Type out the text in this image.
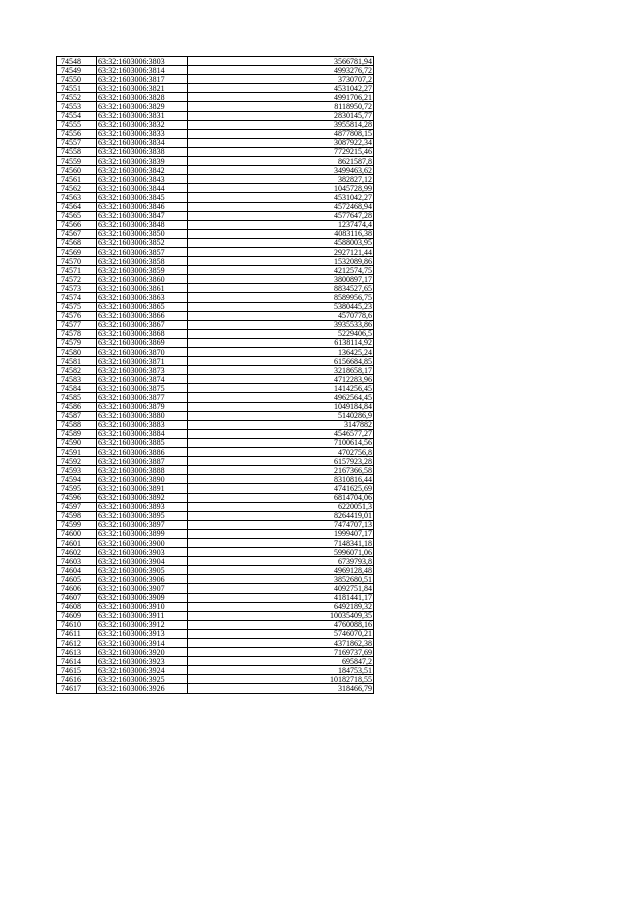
74548	63:32:1603006:3803	3566781,94
74549	63:32:1603006:3814	4993276,72
74550	63:32:1603006:3817	3730707,2
74551	63:32:1603006:3821	4531042,27
74552	63:32:1603006:3828	4991706,21
74553	63:32:1603006:3829	8118950,72
74554	63:32:1603006:3831	2830145,77
74555	63:32:1603006:3832	3955814,28
74556	63:32:1603006:3833	4877808,15
74557	63:32:1603006:3834	3087922,34
74558	63:32:1603006:3838	7729215,46
74559	63:32:1603006:3839	8621587,8
74560	63:32:1603006:3842	3499463,62
74561	63:32:1603006:3843	382827,12
74562	63:32:1603006:3844	1045728,99
74563	63:32:1603006:3845	4531042,27
74564	63:32:1603006:3846	4572468,94
74565	63:32:1603006:3847	4577647,28
74566	63:32:1603006:3848	1237474,4
74567	63:32:1603006:3850	4083116,38
74568	63:32:1603006:3852	4588003,95
74569	63:32:1603006:3857	2927121,44
74570	63:32:1603006:3858	1532089,86
74571	63:32:1603006:3859	4212574,75
74572	63:32:1603006:3860	3800897,17
74573	63:32:1603006:3861	8834527,65
74574	63:32:1603006:3863	8589956,75
74575	63:32:1603006:3865	5380445,23
74576	63:32:1603006:3866	4570778,6
74577	63:32:1603006:3867	3935533,86
74578	63:32:1603006:3868	5229406,5
74579	63:32:1603006:3869	6138114,92
74580	63:32:1603006:3870	136425,24
74581	63:32:1603006:3871	6156684,85
74582	63:32:1603006:3873	3218658,17
74583	63:32:1603006:3874	4712283,96
74584	63:32:1603006:3875	1414256,45
74585	63:32:1603006:3877	4962564,45
74586	63:32:1603006:3879	1049184,84
74587	63:32:1603006:3880	5140286,9
74588	63:32:1603006:3883	3147882
74589	63:32:1603006:3884	4546577,27
74590	63:32:1603006:3885	7100614,56
74591	63:32:1603006:3886	4702756,8
74592	63:32:1603006:3887	6157923,28
74593	63:32:1603006:3888	2167366,58
74594	63:32:1603006:3890	8310816,44
74595	63:32:1603006:3891	4741625,69
74596	63:32:1603006:3892	6814704,06
74597	63:32:1603006:3893	6220051,3
74598	63:32:1603006:3895	8264419,01
74599	63:32:1603006:3897	7474707,13
74600	63:32:1603006:3899	1999407,17
74601	63:32:1603006:3900	7148341,18
74602	63:32:1603006:3903	5996071,06
74603	63:32:1603006:3904	6739793,8
74604	63:32:1603006:3905	4969128,48
74605	63:32:1603006:3906	3852680,51
74606	63:32:1603006:3907	4092751,84
74607	63:32:1603006:3909	4181441,17
74608	63:32:1603006:3910	6492189,32
74609	63:32:1603006:3911	10035409,35
74610	63:32:1603006:3912	4760088,16
74611	63:32:1603006:3913	5746070,21
74612	63:32:1603006:3914	4371862,38
74613	63:32:1603006:3920	7169737,69
74614	63:32:1603006:3923	695847,2
74615	63:32:1603006:3924	184753,51
74616	63:32:1603006:3925	10182718,55
74617	63:32:1603006:3926	318466,79
